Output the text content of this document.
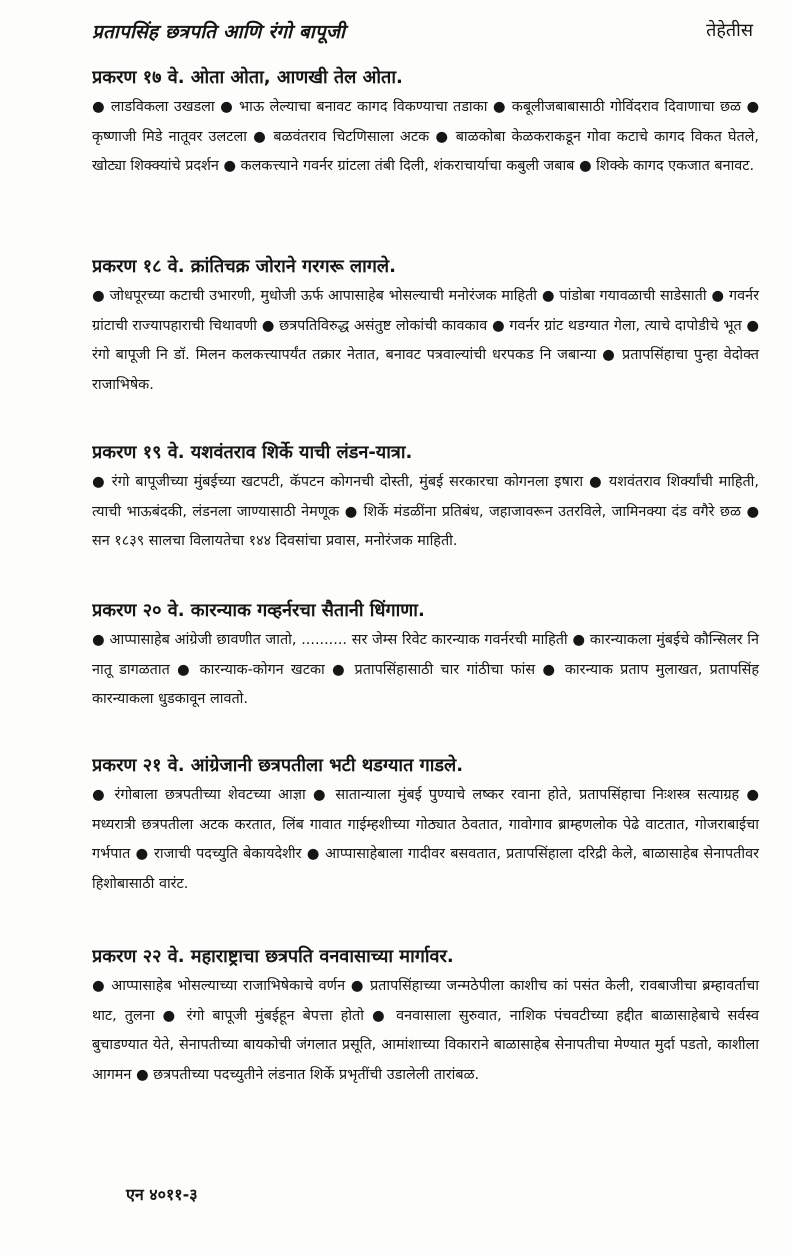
प्रतापसिंह छत्रपति आणि रंगो बापूजी	तेहेतीस
प्रकरण १७ वे. ओता ओता, आणखी तेल ओता.

● लाडविकला उखडला ● भाऊ लेल्याचा बनावट कागद विकण्याचा तडाका ● कबूलीजबाबासाठी गोविंदराव दिवाणाचा छळ ● कृष्णाजी मिडे नातूवर उलटला ● बळवंतराव चिटणिसाला अटक ● बाळकोबा केळकराकडून गोवा कटाचे कागद विकत घेतले, खोट्या शिक्क्यांचे प्रदर्शन ● कलकत्त्याने गवर्नर ग्रांटला तंबी दिली, शंकराचार्याचा कबुली जबाब ● शिक्के कागद एकजात बनावट.

प्रकरण १८ वे. क्रांतिचक्र जोराने गरगरू लागले.

● जोधपूरच्या कटाची उभारणी, मुधोजी ऊर्फ आपासाहेब भोसल्याची मनोरंजक माहिती ● पांडोबा गयावळाची साडेसाती ● गवर्नर ग्रांटाची राज्यापहाराची चिथावणी ● छत्रपतिविरुद्ध असंतुष्ट लोकांची कावकाव ● गवर्नर ग्रांट थडग्यात गेला, त्याचे दापोडीचे भूत ● रंगो बापूजी नि डॉ. मिलन कलकत्त्यापर्यंत तक्रार नेतात, बनावट पत्रवाल्यांची धरपकड नि जबान्या ● प्रतापसिंहाचा पुन्हा वेदोक्त राजाभिषेक.

प्रकरण १९ वे. यशवंतराव शिर्के याची लंडन-यात्रा.

● रंगो बापूजीच्या मुंबईच्या खटपटी, कॅपटन कोगनची दोस्ती, मुंबई सरकारचा कोगनला इषारा ● यशवंतराव शिर्क्यांची माहिती, त्याची भाऊबंदकी, लंडनला जाण्यासाठी नेमणूक ● शिर्के मंडळींना प्रतिबंध, जहाजावरून उतरविले, जामिनक्या दंड वगैरे छळ ● सन १८३९ सालचा विलायतेचा १४४ दिवसांचा प्रवास, मनोरंजक माहिती.

प्रकरण २० वे. कारन्याक गव्हर्नरचा सैतानी धिंगाणा.

● आप्पासाहेब आंग्रेजी छावणीत जातो, .......... सर जेम्स रिवेट कारन्याक गवर्नरची माहिती ● कारन्याकला मुंबईचे कौन्सिलर नि नातू डागळतात ● कारन्याक-कोगन खटका ● प्रतापसिंहासाठी चार गांठीचा फांस ● कारन्याक प्रताप मुलाखत, प्रतापसिंह कारन्याकला धुडकावून लावतो.

प्रकरण २१ वे. आंग्रेजानी छत्रपतीला भटी थडग्यात गाडले.

● रंगोबाला छत्रपतीच्या शेवटच्या आज्ञा ● सातान्याला मुंबई पुण्याचे लष्कर रवाना होते, प्रतापसिंहाचा निःशस्त्र सत्याग्रह ● मध्यरात्री छत्रपतीला अटक करतात, लिंब गावात गाईम्हशीच्या गोठ्यात ठेवतात, गावोगाव ब्राम्हणलोक पेढे वाटतात, गोजराबाईचा गर्भपात ● राजाची पदच्युति बेकायदेशीर ● आप्पासाहेबाला गादीवर बसवतात, प्रतापसिंहाला दरिद्री केले, बाळासाहेब सेनापतीवर हिशोबासाठी वारंट.

प्रकरण २२ वे. महाराष्ट्राचा छत्रपति वनवासाच्या मार्गावर.

● आप्पासाहेब भोसल्याच्या राजाभिषेकाचे वर्णन ● प्रतापसिंहाच्या जन्मठेपीला काशीच कां पसंत केली, रावबाजीचा ब्रम्हावर्ताचा थाट, तुलना ● रंगो बापूजी मुंबईहून बेपत्ता होतो ● वनवासाला सुरुवात, नाशिक पंचवटीच्या हद्दीत बाळासाहेबाचे सर्वस्व बुचाडण्यात येते, सेनापतीच्या बायकोची जंगलात प्रसूति, आमांशाच्या विकाराने बाळासाहेब सेनापतीचा मेण्यात मुर्दा पडतो, काशीला आगमन ● छत्रपतीच्या पदच्युतीने लंडनात शिर्के प्रभृतींची उडालेली तारांबळ.

एन ४०११-३
